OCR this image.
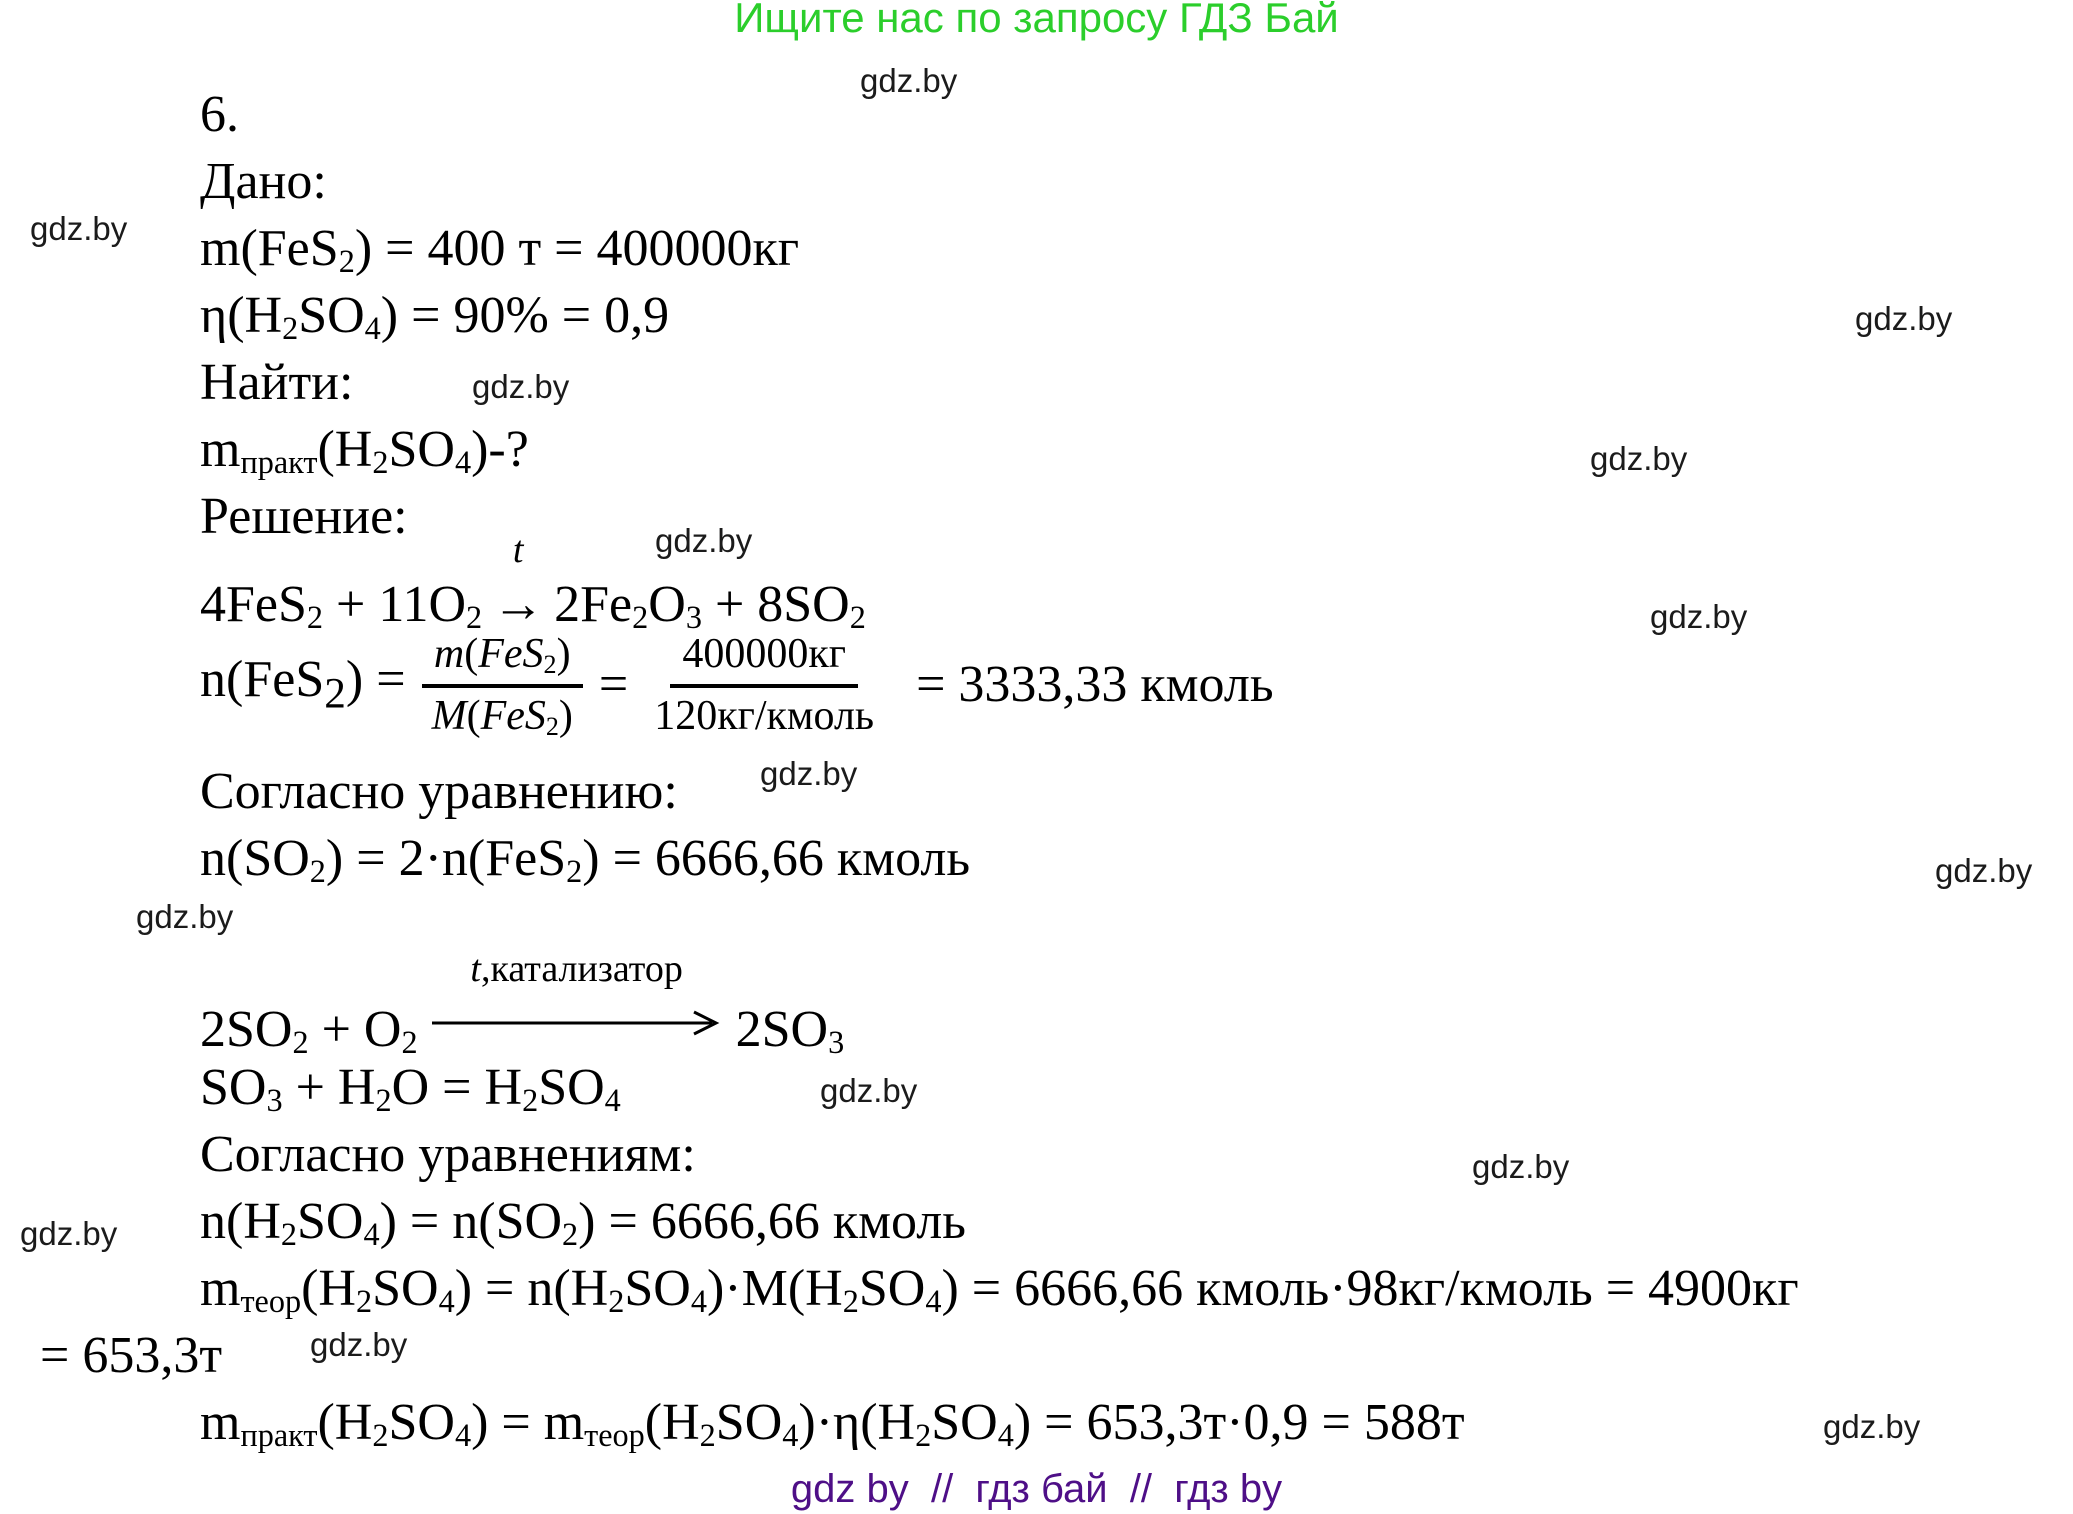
Ищите нас по запросу ГДЗ Бай
gdz.by
gdz.by
gdz.by
gdz.by
gdz.by
gdz.by
gdz.by
gdz.by
gdz.by
gdz.by
gdz.by
gdz.by
gdz.by
gdz.by
gdz.by
6.
Дано:
m(FeS$_2$) = 400 т = 400000кг
$\eta(H_2SO_4) = 90\% = 0,9$
Найти:
$m_{практ}(H_2SO_4)-$?
Решение:
$4FeS_2 + 11O_2$
t
→ $2Fe_2O_3 + 8SO_2$
$n(FeS_2) = \frac{m(FeS_2)}{M(FeS_2)} = \frac{400000кг}{\text{120кг/кмоль}} = 3333,33$ кмоль
Согласно уравнению:
$n(SO_2) = 2\cdot n(FeS_2) = 6666,66$ кмоль
$2SO_2 + O_2$
t,катализатор
$2SO_3$
$SO_3 + H_2O = H_2SO_4$
Согласно уравнениям:
$n(H_2SO_4) = n(SO_2) = 6666,66$ кмоль
$m_{теор}(H_2SO_4) = n(H_2SO_4)\cdot M(H_2SO_4) = 6666,66$ кмоль·98кг/кмоль = 4900кг
= 653,3т
$m_{практ}(H_2SO_4) = m_{теор}(H_2SO_4)\cdot\eta(H_2SO_4) = 653,3т\cdot 0,9 = 588т$
gdz by  //  гдз бай  //  гдз by
